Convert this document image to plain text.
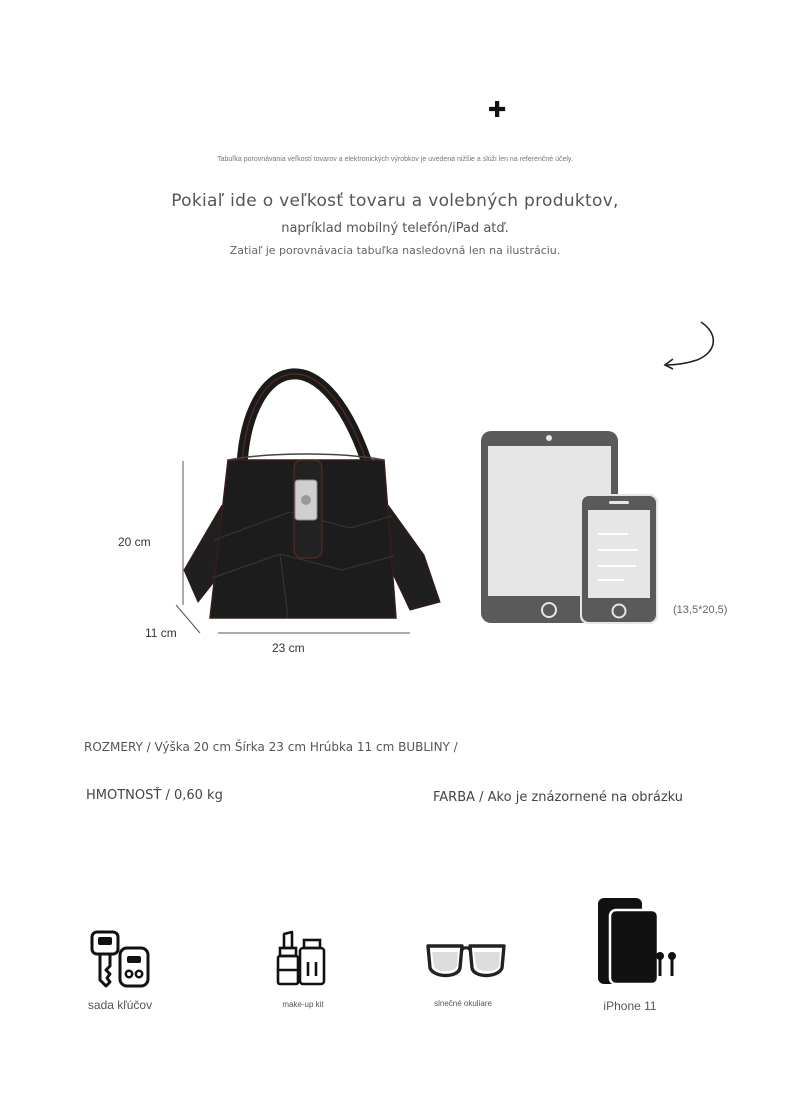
✚
Tabuľka porovnávania veľkostí tovarov a elektronických výrobkov je uvedená nižšie a slúži len na referenčné účely.
Pokiaľ ide o veľkosť tovaru a volebných produktov,
napríklad mobilný telefón/iPad atď.
Zatiaľ je porovnávacia tabuľka nasledovná len na ilustráciu.
20 cm
11 cm
23 cm
(13,5*20,5)
ROZMERY / Výška 20 cm Šírka 23 cm Hrúbka 11 cm BUBLINY /
HMOTNOSŤ / 0,60 kg	FARBA / Ako je znázornené na obrázku
sada kľúčov	make-up kit	slnečné okuliare	iPhone 11
